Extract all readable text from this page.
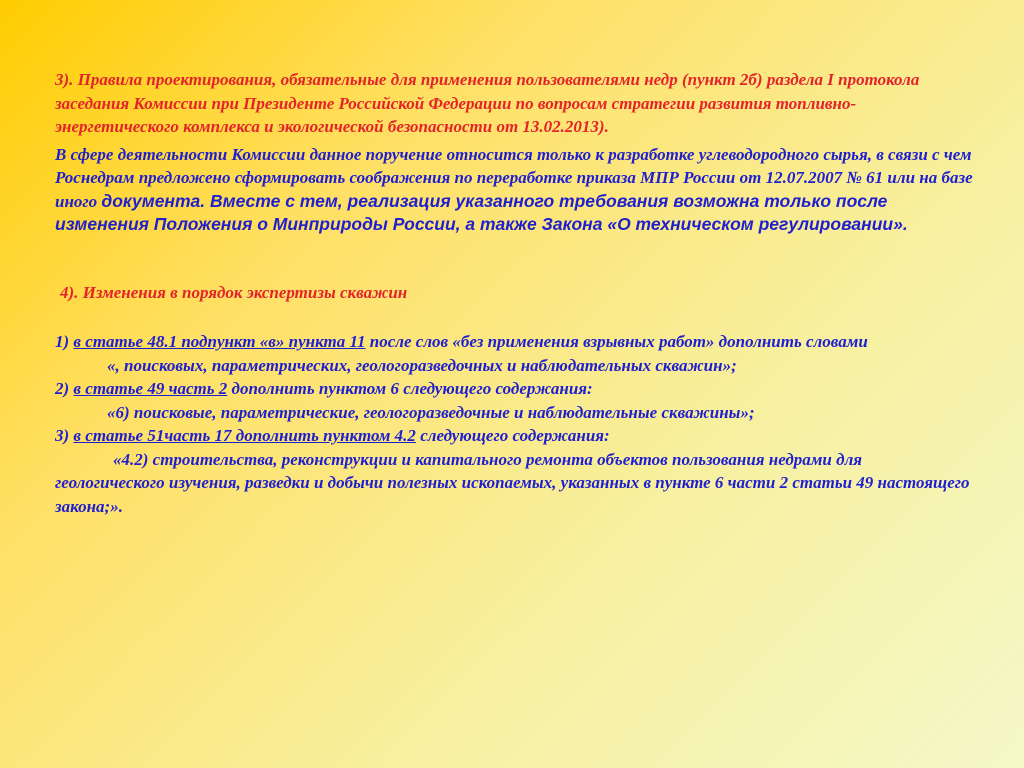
3). Правила проектирования, обязательные для применения пользователями недр (пункт 2б) раздела I протокола заседания Комиссии при Президенте Российской Федерации по вопросам стратегии развития топливно-энергетического комплекса и экологической безопасности от 13.02.2013).

В сфере деятельности Комиссии данное поручение относится только к разработке углеводородного сырья, в связи с чем Роснедрам предложено сформировать соображения по переработке приказа МПР России от 12.07.2007 № 61 или на базе иного документа. Вместе с тем, реализация указанного требования возможна только после изменения Положения о Минприроды России, а также Закона «О техническом регулировании».

4). Изменения в порядок экспертизы скважин

1) в статье 48.1 подпункт «в» пункта 11 после слов «без применения взрывных работ» дополнить словами

«, поисковых, параметрических, геологоразведочных и наблюдательных скважин»;

2) в статье 49 часть 2 дополнить пунктом 6 следующего содержания:

«6) поисковые, параметрические, геологоразведочные и наблюдательные скважины»;

3) в статье 51часть 17 дополнить пунктом 4.2 следующего содержания:

«4.2) строительства, реконструкции и капитального ремонта объектов пользования недрами для геологического изучения, разведки и добычи полезных ископаемых, указанных в пункте 6 части 2 статьи 49 настоящего закона;».
